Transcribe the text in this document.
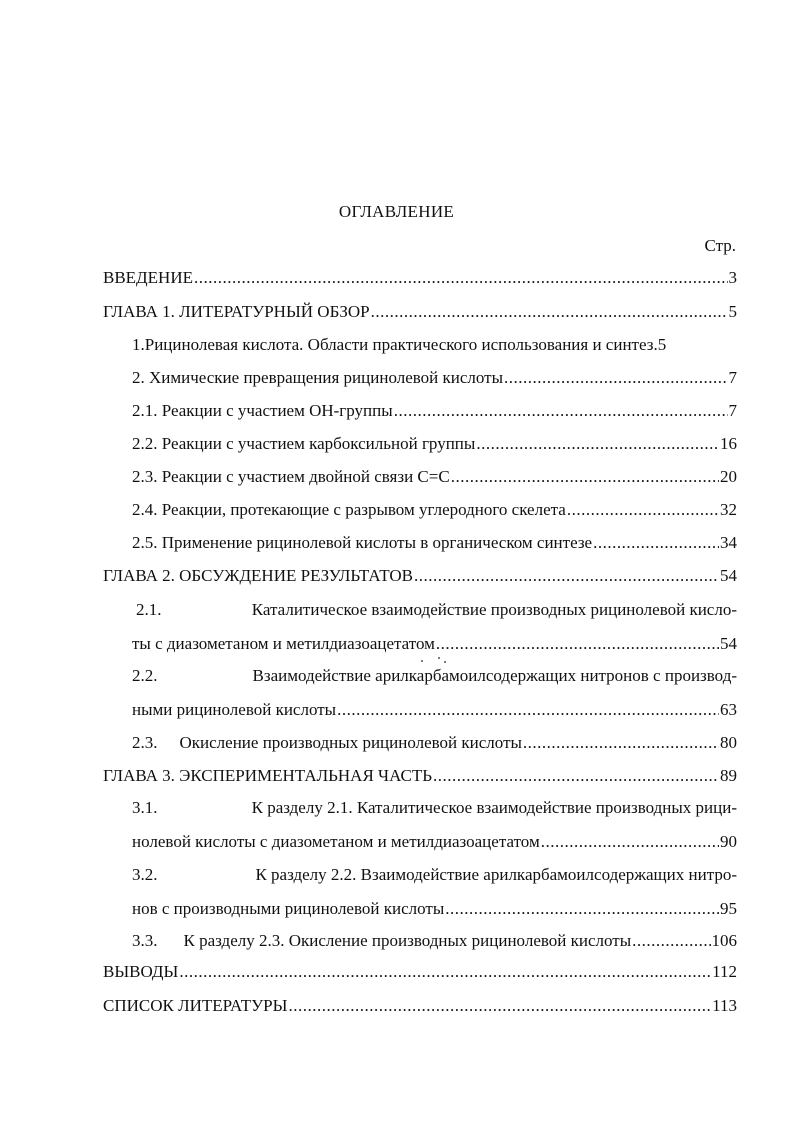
ОГЛАВЛЕНИЕ
Стр.
ВВЕДЕНИЕ .....	3
ГЛАВА 1. ЛИТЕРАТУРНЫЙ ОБЗОР .....	5
1.Рицинолевая кислота. Области практического использования и синтез. 5
2. Химические превращения рицинолевой кислоты .....	7
2.1. Реакции с участием ОН-группы .....	7
2.2. Реакции с участием карбоксильной группы .....	16
2.3. Реакции с участием двойной связи С=С .....	20
2.4. Реакции, протекающие с разрывом углеродного скелета .....	32
2.5. Применение рицинолевой кислоты в органическом синтезе .....	34
ГЛАВА 2. ОБСУЖДЕНИЕ РЕЗУЛЬТАТОВ .....	54
2.1.	Каталитическое взаимодействие производных рицинолевой кисло-
ты с диазометаном и метилдиазоацетатом .....	54
2.2.	Взаимодействие арилкарбамоилсодержащих нитронов с производ-
ными рицинолевой кислоты .....	63
2.3. Окисление производных рицинолевой кислоты .....	80
ГЛАВА 3. ЭКСПЕРИМЕНТАЛЬНАЯ ЧАСТЬ .....	89
3.1.	К разделу 2.1. Каталитическое взаимодействие производных рици-
нолевой кислоты с диазометаном и метилдиазоацетатом .....	90
3.2.	К разделу 2.2. Взаимодействие арилкарбамоилсодержащих нитро-
нов с производными рицинолевой кислоты .....	95
3.3. К разделу 2.3. Окисление производных рицинолевой кислоты .....	106
ВЫВОДЫ .....	112
СПИСОК ЛИТЕРАТУРЫ .....	113
